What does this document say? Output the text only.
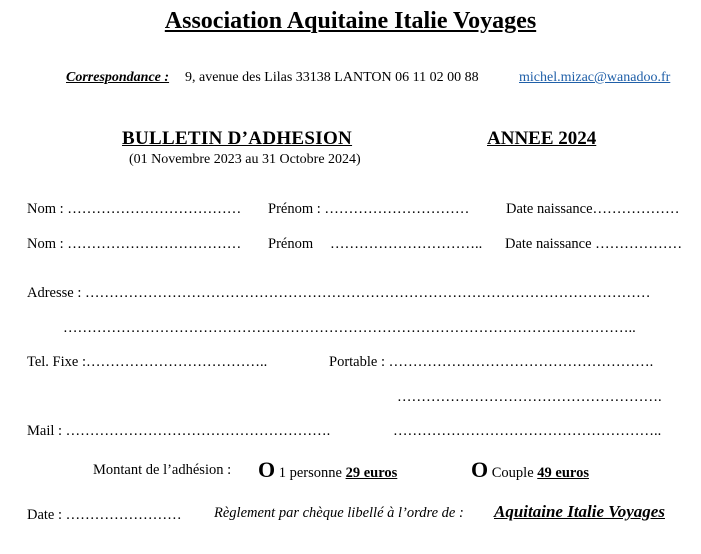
Association Aquitaine Italie Voyages
Correspondance : 9, avenue des Lilas 33138 LANTON 06 11 02 00 88	michel.mizac@wanadoo.fr
BULLETIN D’ADHESION	ANNEE 2024
(01 Novembre 2023 au 31 Octobre 2024)
Nom : ……………………………… Prénom : …………………………	Date naissance………………
Nom : ……………………………… Prénom ………………………….. Date naissance ………………
Adresse : ………………………………………………………………………………………………………
………………………………………………………………………………………………………..
Tel. Fixe :………………………………..	Portable : ……………………………………………….
……………………………………………….
Mail : ……………………………………………….	………………………………………………..
Montant de l’adhésion : O 1 personne 29 euros	O Couple 49 euros
Date : …………………… Règlement par chèque libellé à l’ordre de : Aquitaine Italie Voyages
